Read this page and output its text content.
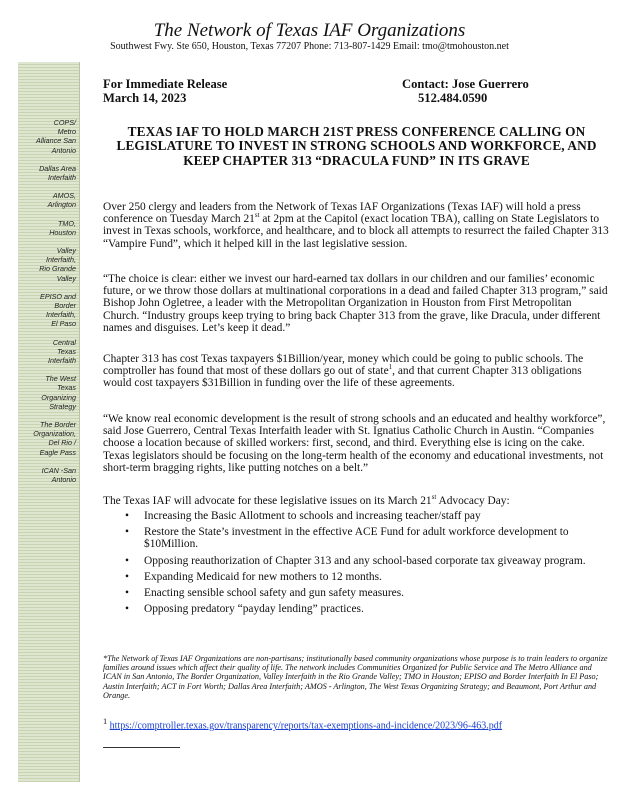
The Network of Texas IAF Organizations
Southwest Fwy. Ste 650, Houston, Texas 77207 Phone: 713-807-1429 Email: tmo@tmohouston.net
COPS/
Metro
Alliance San
Antonio
Dallas Area
Interfaith
AMOS,
Arlington
TMO,
Houston
Valley
Interfaith,
Rio Grande
Valley
EPISO and
Border
Interfaith,
El Paso
Central
Texas
Interfaith
The West
Texas
Organizing
Strategy
The Border
Organization,
Del Rio /
Eagle Pass
ICAN -San
Antonio
For Immediate Release
March 14, 2023
Contact: Jose Guerrero
512.484.0590
TEXAS IAF TO HOLD MARCH 21ST PRESS CONFERENCE CALLING ON LEGISLATURE TO INVEST IN STRONG SCHOOLS AND WORKFORCE, AND KEEP CHAPTER 313 “DRACULA FUND” IN ITS GRAVE

Over 250 clergy and leaders from the Network of Texas IAF Organizations (Texas IAF) will hold a press conference on Tuesday March 21st at 2pm at the Capitol (exact location TBA), calling on State Legislators to invest in Texas schools, workforce, and healthcare, and to block all attempts to resurrect the failed Chapter 313 “Vampire Fund”, which it helped kill in the last legislative session.

“The choice is clear: either we invest our hard-earned tax dollars in our children and our families’ economic future, or we throw those dollars at multinational corporations in a dead and failed Chapter 313 program,” said Bishop John Ogletree, a leader with the Metropolitan Organization in Houston from First Metropolitan Church. “Industry groups keep trying to bring back Chapter 313 from the grave, like Dracula, under different names and disguises. Let’s keep it dead.”

Chapter 313 has cost Texas taxpayers $1Billion/year, money which could be going to public schools. The comptroller has found that most of these dollars go out of state$^1$, and that current Chapter 313 obligations would cost taxpayers $31Billion in funding over the life of these agreements.

“We know real economic development is the result of strong schools and an educated and healthy workforce”, said Jose Guerrero, Central Texas Interfaith leader with St. Ignatius Catholic Church in Austin. “Companies choose a location because of skilled workers: first, second, and third. Everything else is icing on the cake. Texas legislators should be focusing on the long-term health of the economy and educational investments, not short-term bragging rights, like putting notches on a belt.”

The Texas IAF will advocate for these legislative issues on its March 21st Advocacy Day:

• Increasing the Basic Allotment to schools and increasing teacher/staff pay
• Restore the State’s investment in the effective ACE Fund for adult workforce development to $10Million.
• Opposing reauthorization of Chapter 313 and any school-based corporate tax giveaway program.
• Expanding Medicaid for new mothers to 12 months.
• Enacting sensible school safety and gun safety measures.
• Opposing predatory “payday lending” practices.
*The Network of Texas IAF Organizations are non-partisans; institutionally based community organizations whose purpose is to train leaders to organize families around issues which affect their quality of life. The network includes Communities Organized for Public Service and The Metro Alliance and ICAN in San Antonio, The Border Organization, Valley Interfaith in the Rio Grande Valley; TMO in Houston; EPISO and Border Interfaith In El Paso; Austin Interfaith; ACT in Fort Worth; Dallas Area Interfaith; AMOS - Arlington, The West Texas Organizing Strategy; and Beaumont, Port Arthur and Orange.
$^1$ https://comptroller.texas.gov/transparency/reports/tax-exemptions-and-incidence/2023/96-463.pdf
